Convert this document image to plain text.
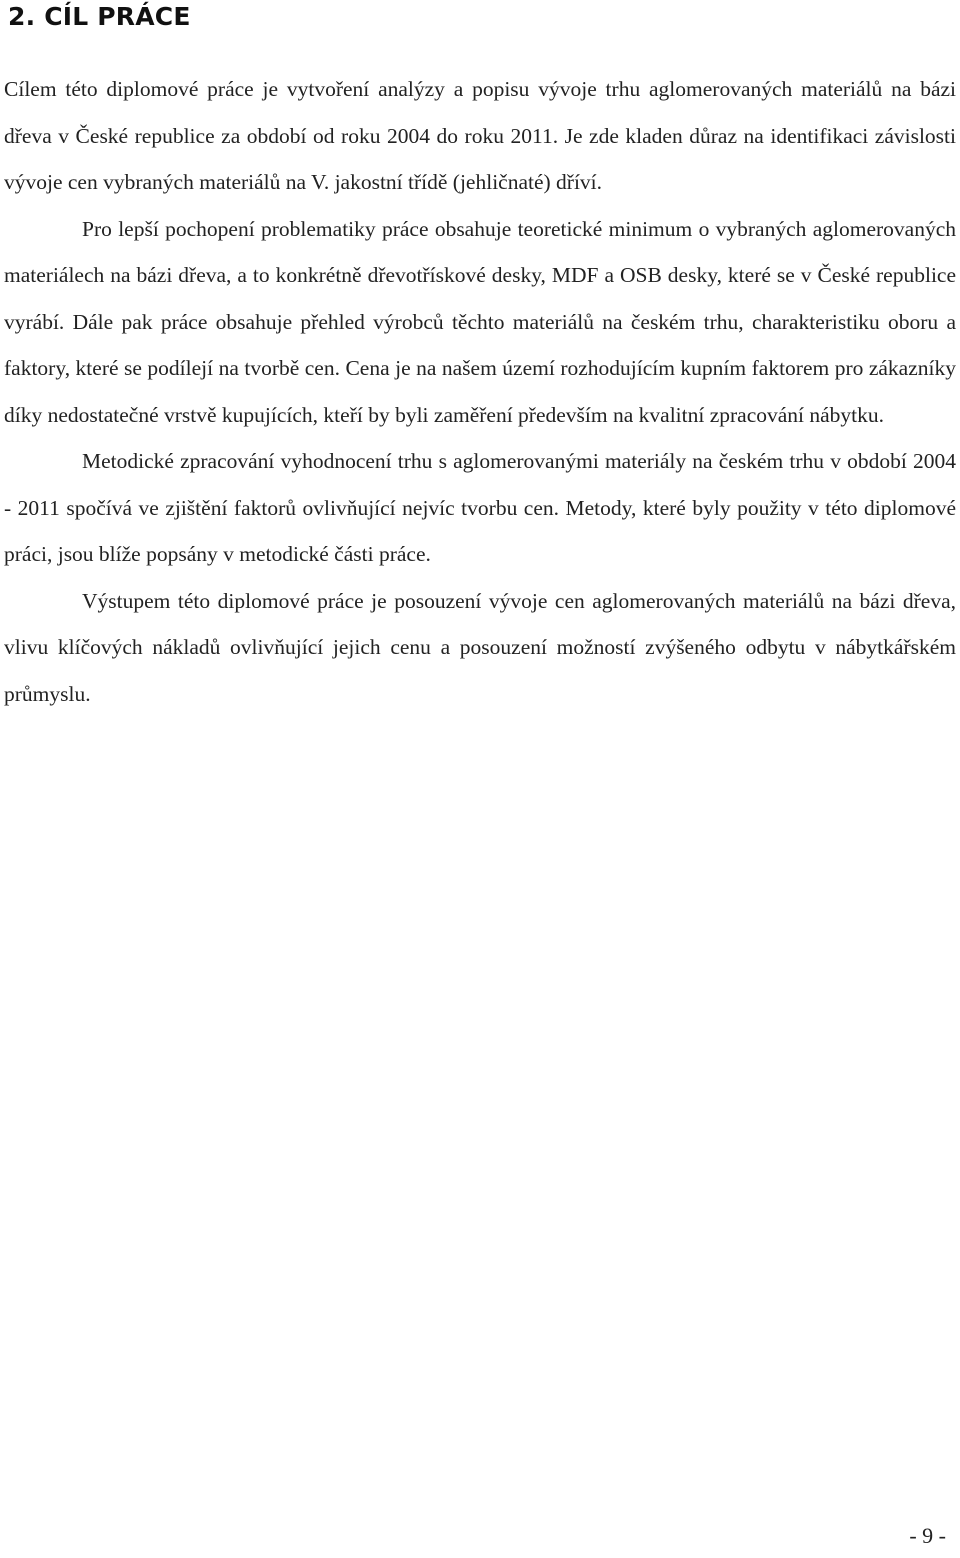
2. CÍL PRÁCE

Cílem této diplomové práce je vytvoření analýzy a popisu vývoje trhu aglomerovaných materiálů na bázi dřeva v České republice za období od roku 2004 do roku 2011. Je zde kladen důraz na identifikaci závislosti vývoje cen vybraných materiálů na V. jakostní třídě (jehličnaté) dříví.

Pro lepší pochopení problematiky práce obsahuje teoretické minimum o vybraných aglomerovaných materiálech na bázi dřeva, a to konkrétně dřevotřískové desky, MDF a OSB desky, které se v České republice vyrábí. Dále pak práce obsahuje přehled výrobců těchto materiálů na českém trhu, charakteristiku oboru a faktory, které se podílejí na tvorbě cen. Cena je na našem území rozhodujícím kupním faktorem pro zákazníky díky nedostatečné vrstvě kupujících, kteří by byli zaměření především na kvalitní zpracování nábytku.

Metodické zpracování vyhodnocení trhu s aglomerovanými materiály na českém trhu v období 2004 - 2011 spočívá ve zjištění faktorů ovlivňující nejvíc tvorbu cen. Metody, které byly použity v této diplomové práci, jsou blíže popsány v metodické části práce.

Výstupem této diplomové práce je posouzení vývoje cen aglomerovaných materiálů na bázi dřeva, vlivu klíčových nákladů ovlivňující jejich cenu a posouzení možností zvýšeného odbytu v nábytkářském průmyslu.

- 9 -
